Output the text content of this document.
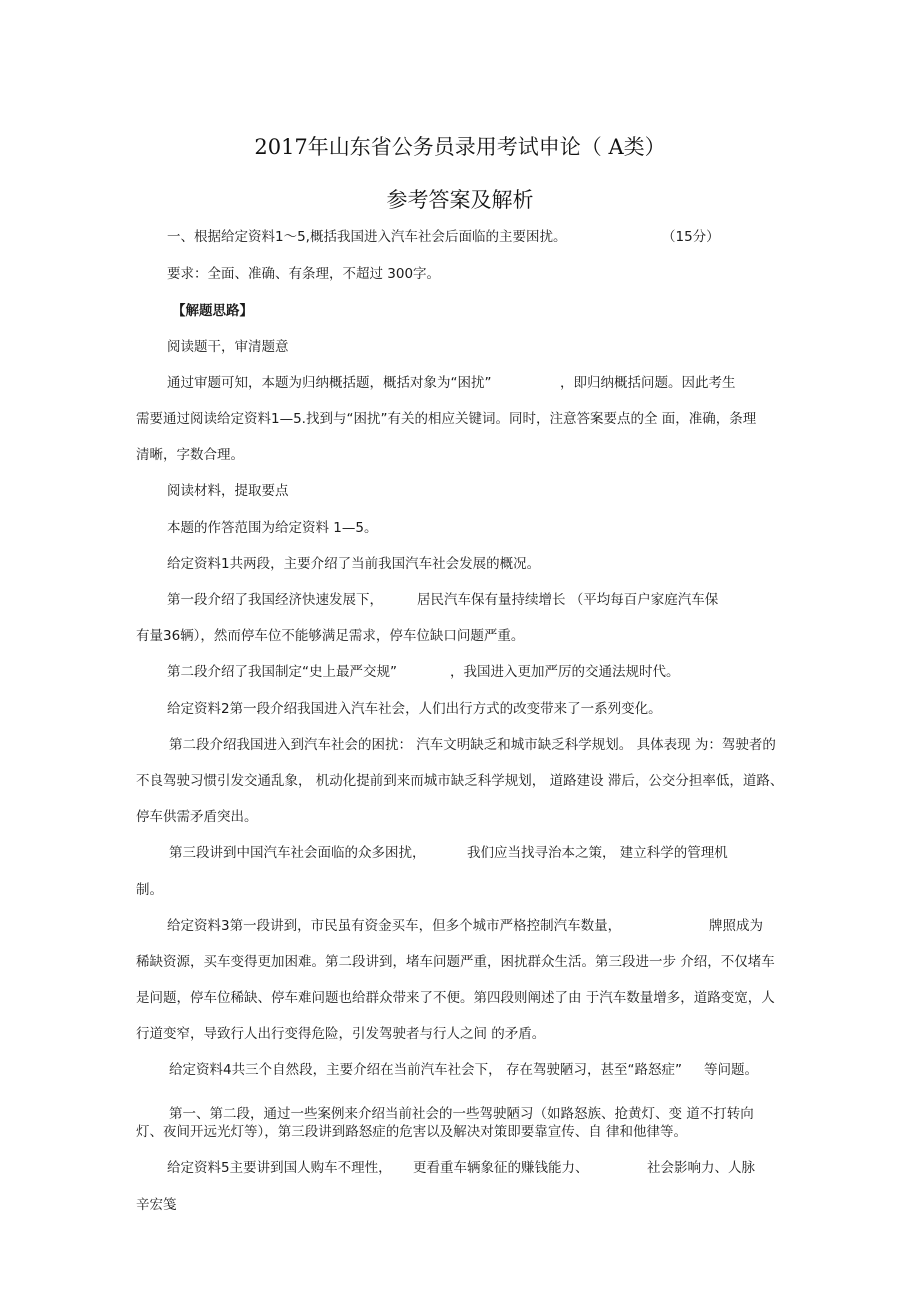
2017年山东省公务员录用考试申论（ A类）
参考答案及解析
一、根据给定资料1～5,概括我国进入汽车社会后面临的主要困扰。	（15分）
要求：全面、准确、有条理，不超过 300字。
【解题思路】
阅读题干，审清题意
通过审题可知，本题为归纳概括题，概括对象为“困扰”	，即归纳概括问题。因此考生
需要通过阅读给定资料1—5.找到与“困扰”有关的相应关键词。同时，注意答案要点的全 面，准确，条理
清晰，字数合理。
阅读材料，提取要点
本题的作答范围为给定资料 1—5。
给定资料1共两段，主要介绍了当前我国汽车社会发展的概况。
第一段介绍了我国经济快速发展下，	居民汽车保有量持续增长 （平均每百户家庭汽车保
有量36辆），然而停车位不能够满足需求，停车位缺口问题严重。
第二段介绍了我国制定“史上最严交规”	，我国进入更加严厉的交通法规时代。
给定资料2第一段介绍我国进入汽车社会，人们出行方式的改变带来了一系列变化。
第二段介绍我国进入到汽车社会的困扰： 汽车文明缺乏和城市缺乏科学规划。 具体表现 为：驾驶者的
不良驾驶习惯引发交通乱象， 机动化提前到来而城市缺乏科学规划， 道路建设 滞后，公交分担率低，道路、
停车供需矛盾突出。
第三段讲到中国汽车社会面临的众多困扰，	我们应当找寻治本之策， 建立科学的管理机
制。
给定资料3第一段讲到，市民虽有资金买车，但多个城市严格控制汽车数量，	牌照成为
稀缺资源，买车变得更加困难。第二段讲到，堵车问题严重，困扰群众生活。第三段进一步 介绍，不仅堵车
是问题，停车位稀缺、停车难问题也给群众带来了不便。第四段则阐述了由 于汽车数量增多，道路变宽，人
行道变窄，导致行人出行变得危险，引发驾驶者与行人之间 的矛盾。
给定资料4共三个自然段，主要介绍在当前汽车社会下， 存在驾驶陋习，甚至“路怒症” 等问题。
第一、第二段，通过一些案例来介绍当前社会的一些驾驶陋习（如路怒族、抢黄灯、变 道不打转向
灯、夜间开远光灯等），第三段讲到路怒症的危害以及解决对策即要靠宣传、自 律和他律等。
给定资料5主要讲到国人购车不理性， 更看重车辆象征的赚钱能力、	社会影响力、人脉
辛宏笺
